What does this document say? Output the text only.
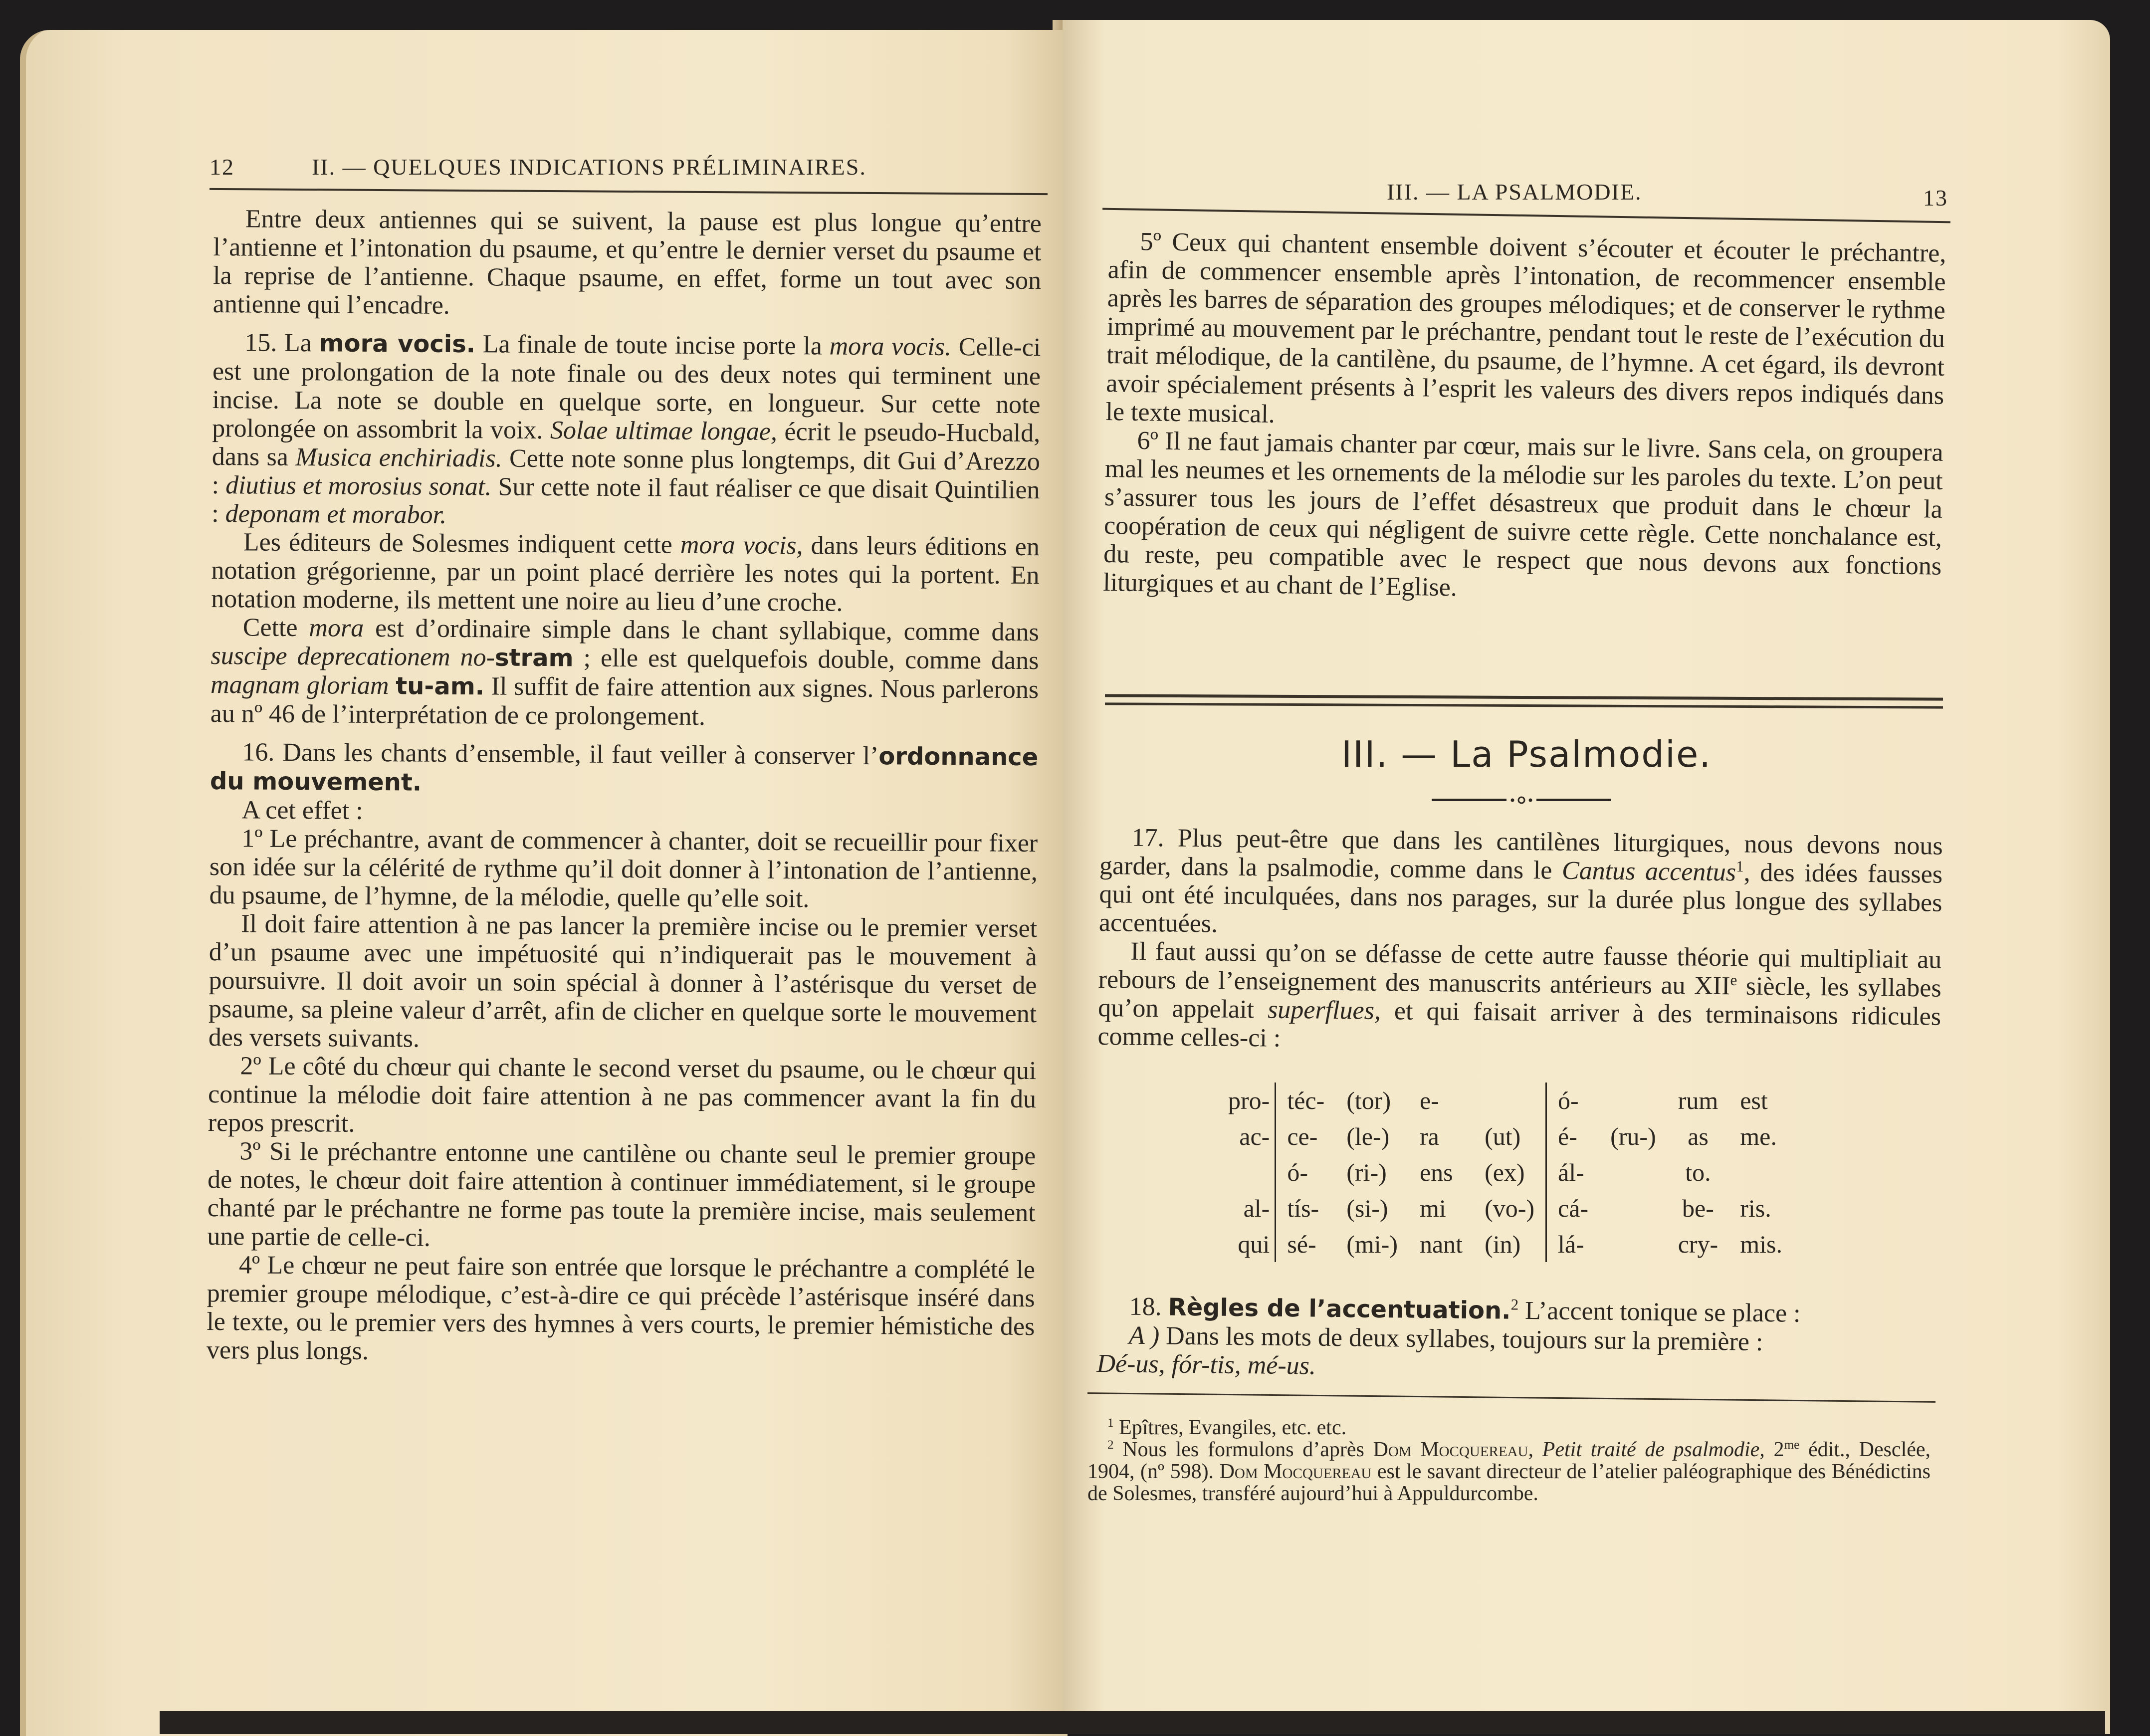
12	II. — QUELQUES INDICATIONS PRÉLIMINAIRES.

Entre deux antiennes qui se suivent, la pause est plus longue qu’entre l’antienne et l’intonation du psaume, et qu’entre le dernier verset du psaume et la reprise de l’antienne. Chaque psaume, en effet, forme un tout avec son antienne qui l’encadre.

15. La mora vocis. La finale de toute incise porte la mora vocis. Celle-ci est une prolongation de la note finale ou des deux notes qui terminent une incise. La note se double en quelque sorte, en longueur. Sur cette note prolongée on assombrit la voix. Solae ultimae longae, écrit le pseudo-Hucbald, dans sa Musica enchiriadis. Cette note sonne plus longtemps, dit Gui d’Arezzo : diutius et morosius sonat. Sur cette note il faut réaliser ce que disait Quintilien : deponam et morabor.

Les éditeurs de Solesmes indiquent cette mora vocis, dans leurs éditions en notation grégorienne, par un point placé derrière les notes qui la portent. En notation moderne, ils mettent une noire au lieu d’une croche.

Cette mora est d’ordinaire simple dans le chant syllabique, comme dans suscipe deprecationem no-stram ; elle est quelquefois double, comme dans magnam gloriam tu-am. Il suffit de faire attention aux signes. Nous parlerons au nº 46 de l’interprétation de ce prolongement.

16. Dans les chants d’ensemble, il faut veiller à conserver l’ordonnance du mouvement.

A cet effet :

1º Le préchantre, avant de commencer à chanter, doit se recueillir pour fixer son idée sur la célérité de rythme qu’il doit donner à l’intonation de l’antienne, du psaume, de l’hymne, de la mélodie, quelle qu’elle soit.

Il doit faire attention à ne pas lancer la première incise ou le premier verset d’un psaume avec une impétuosité qui n’indiquerait pas le mouvement à poursuivre. Il doit avoir un soin spécial à donner à l’astérisque du verset de psaume, sa pleine valeur d’arrêt, afin de clicher en quelque sorte le mouvement des versets suivants.

2º Le côté du chœur qui chante le second verset du psaume, ou le chœur qui continue la mélodie doit faire attention à ne pas commencer avant la fin du repos prescrit.

3º Si le préchantre entonne une cantilène ou chante seul le premier groupe de notes, le chœur doit faire attention à continuer immédiatement, si le groupe chanté par le préchantre ne forme pas toute la première incise, mais seulement une partie de celle-ci.

4º Le chœur ne peut faire son entrée que lorsque le préchantre a complété le premier groupe mélodique, c’est-à-dire ce qui précède l’astérisque inséré dans le texte, ou le premier vers des hymnes à vers courts, le premier hémistiche des vers plus longs.

III. — LA PSALMODIE.	13

5º Ceux qui chantent ensemble doivent s’écouter et écouter le préchantre, afin de commencer ensemble après l’intonation, de recommencer ensemble après les barres de séparation des groupes mélodiques; et de conserver le rythme imprimé au mouvement par le préchantre, pendant tout le reste de l’exécution du trait mélodique, de la cantilène, du psaume, de l’hymne. A cet égard, ils devront avoir spécialement présents à l’esprit les valeurs des divers repos indiqués dans le texte musical.

6º Il ne faut jamais chanter par cœur, mais sur le livre. Sans cela, on groupera mal les neumes et les ornements de la mélodie sur les paroles du texte. L’on peut s’assurer tous les jours de l’effet désastreux que produit dans le chœur la coopération de ceux qui négligent de suivre cette règle. Cette nonchalance est, du reste, peu compatible avec le respect que nous devons aux fonctions liturgiques et au chant de l’Eglise.

III. — La Psalmodie.

17. Plus peut-être que dans les cantilènes liturgiques, nous devons nous garder, dans la psalmodie, comme dans le Cantus accentus$^1$, des idées fausses qui ont été inculquées, dans nos parages, sur la durée plus longue des syllabes accentuées.

Il faut aussi qu’on se défasse de cette autre fausse théorie qui multipliait au rebours de l’enseignement des manuscrits antérieurs au XIIe siècle, les syllabes qu’on appelait superflues, et qui faisait arriver à des terminaisons ridicules comme celles-ci :

pro-		téc-	(tor)	e-			ó-		rum	est
ac-		ce-	(le-)	ra	(ut)		é-	(ru-)	as	me.
		ó-	(ri-)	ens	(ex)		ál-		to.	
al-		tís-	(si-)	mi	(vo-)		cá-		be-	ris.
qui		sé-	(mi-)	nant	(in)		lá-		cry-	mis.

18. Règles de l’accentuation.$^2$ L’accent tonique se place :

A ) Dans les mots de deux syllabes, toujours sur la première :

Dé-us, fór-tis, mé-us.

$^1$ Epîtres, Evangiles, etc. etc.

$^2$ Nous les formulons d’après Dom Mocquereau, Petit traité de psalmodie, $2^{me}$ édit., Desclée, 1904, (nº 598). Dom Mocquereau est le savant directeur de l’atelier paléographique des Bénédictins de Solesmes, transféré aujourd’hui à Appuldurcombe.
